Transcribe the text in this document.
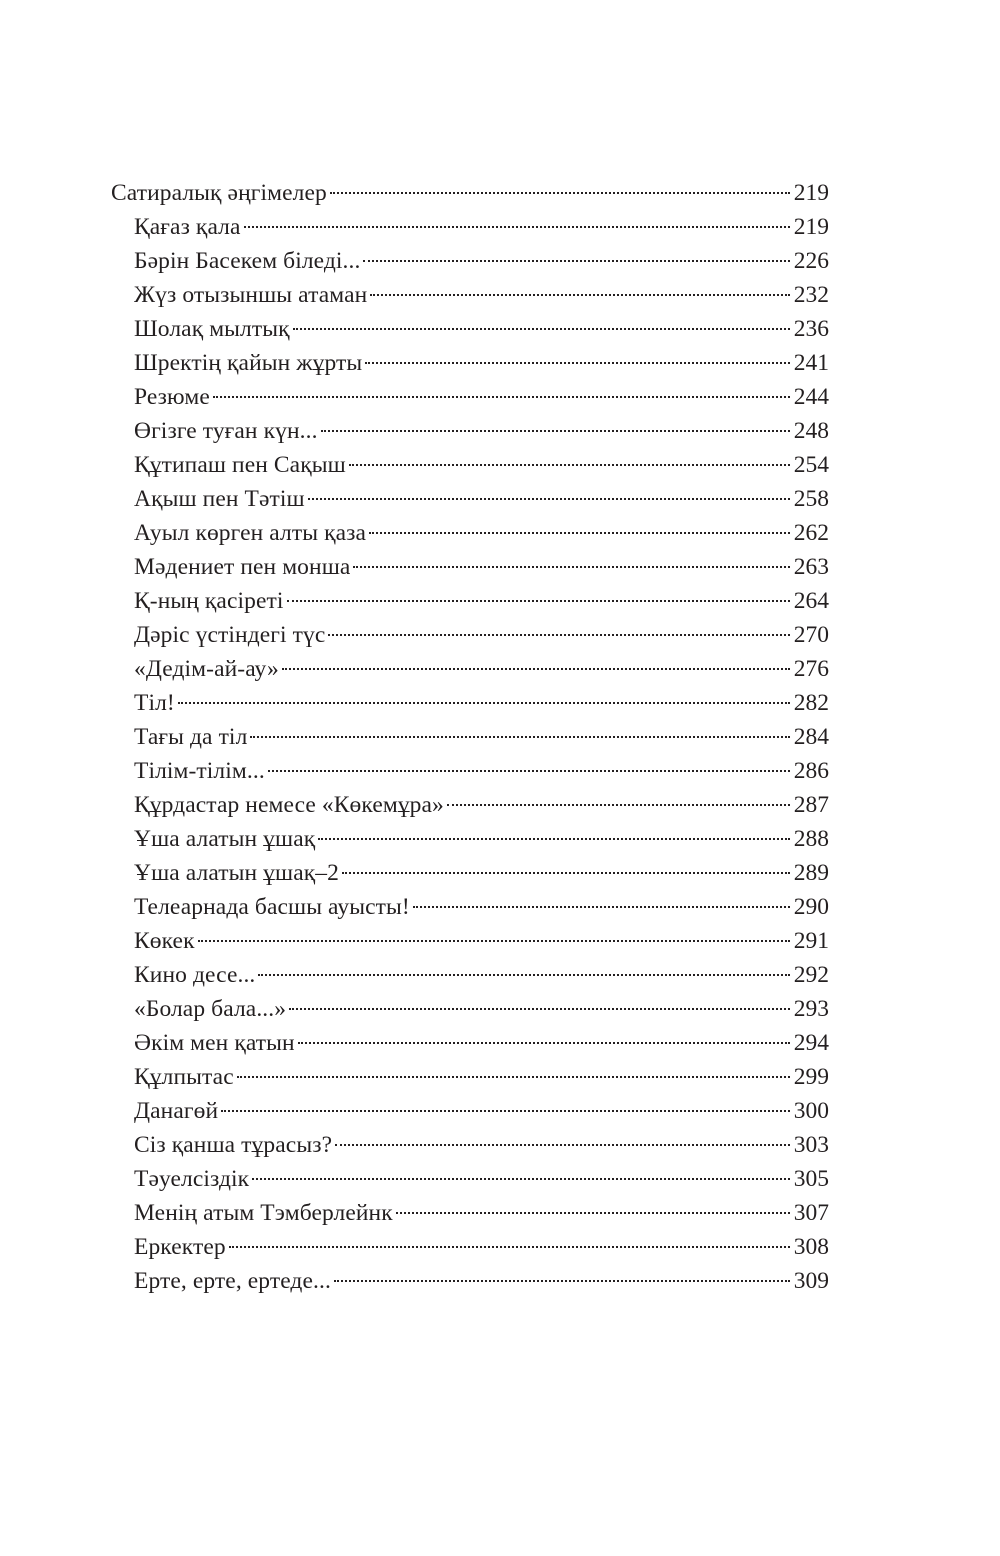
Сатиралық әңгімелер	219
Қағаз қала	219
Бәрін Басекем біледі...	226
Жүз отызыншы атаман	232
Шолақ мылтық	236
Шректің қайын жұрты	241
Резюме	244
Өгізге туған күн...	248
Құтипаш пен Сақыш	254
Ақыш пен Тәтіш	258
Ауыл көрген алты қаза	262
Мәдениет пен монша	263
Қ-ның қасіреті	264
Дәріс үстіндегі түс	270
«Дедім-ай-ау»	276
Тіл!	282
Тағы да тіл	284
Тілім-тілім...	286
Құрдастар немесе «Көкемұра»	287
Ұша алатын ұшақ	288
Ұша алатын ұшақ–2	289
Телеарнада басшы ауысты!	290
Көкек	291
Кино десе...	292
«Болар бала...»	293
Әкім мен қатын	294
Құлпытас	299
Данагөй	300
Сіз қанша тұрасыз?	303
Тәуелсіздік	305
Менің атым Тэмберлейнк	307
Еркектер	308
Ерте, ерте, ертеде...	309
